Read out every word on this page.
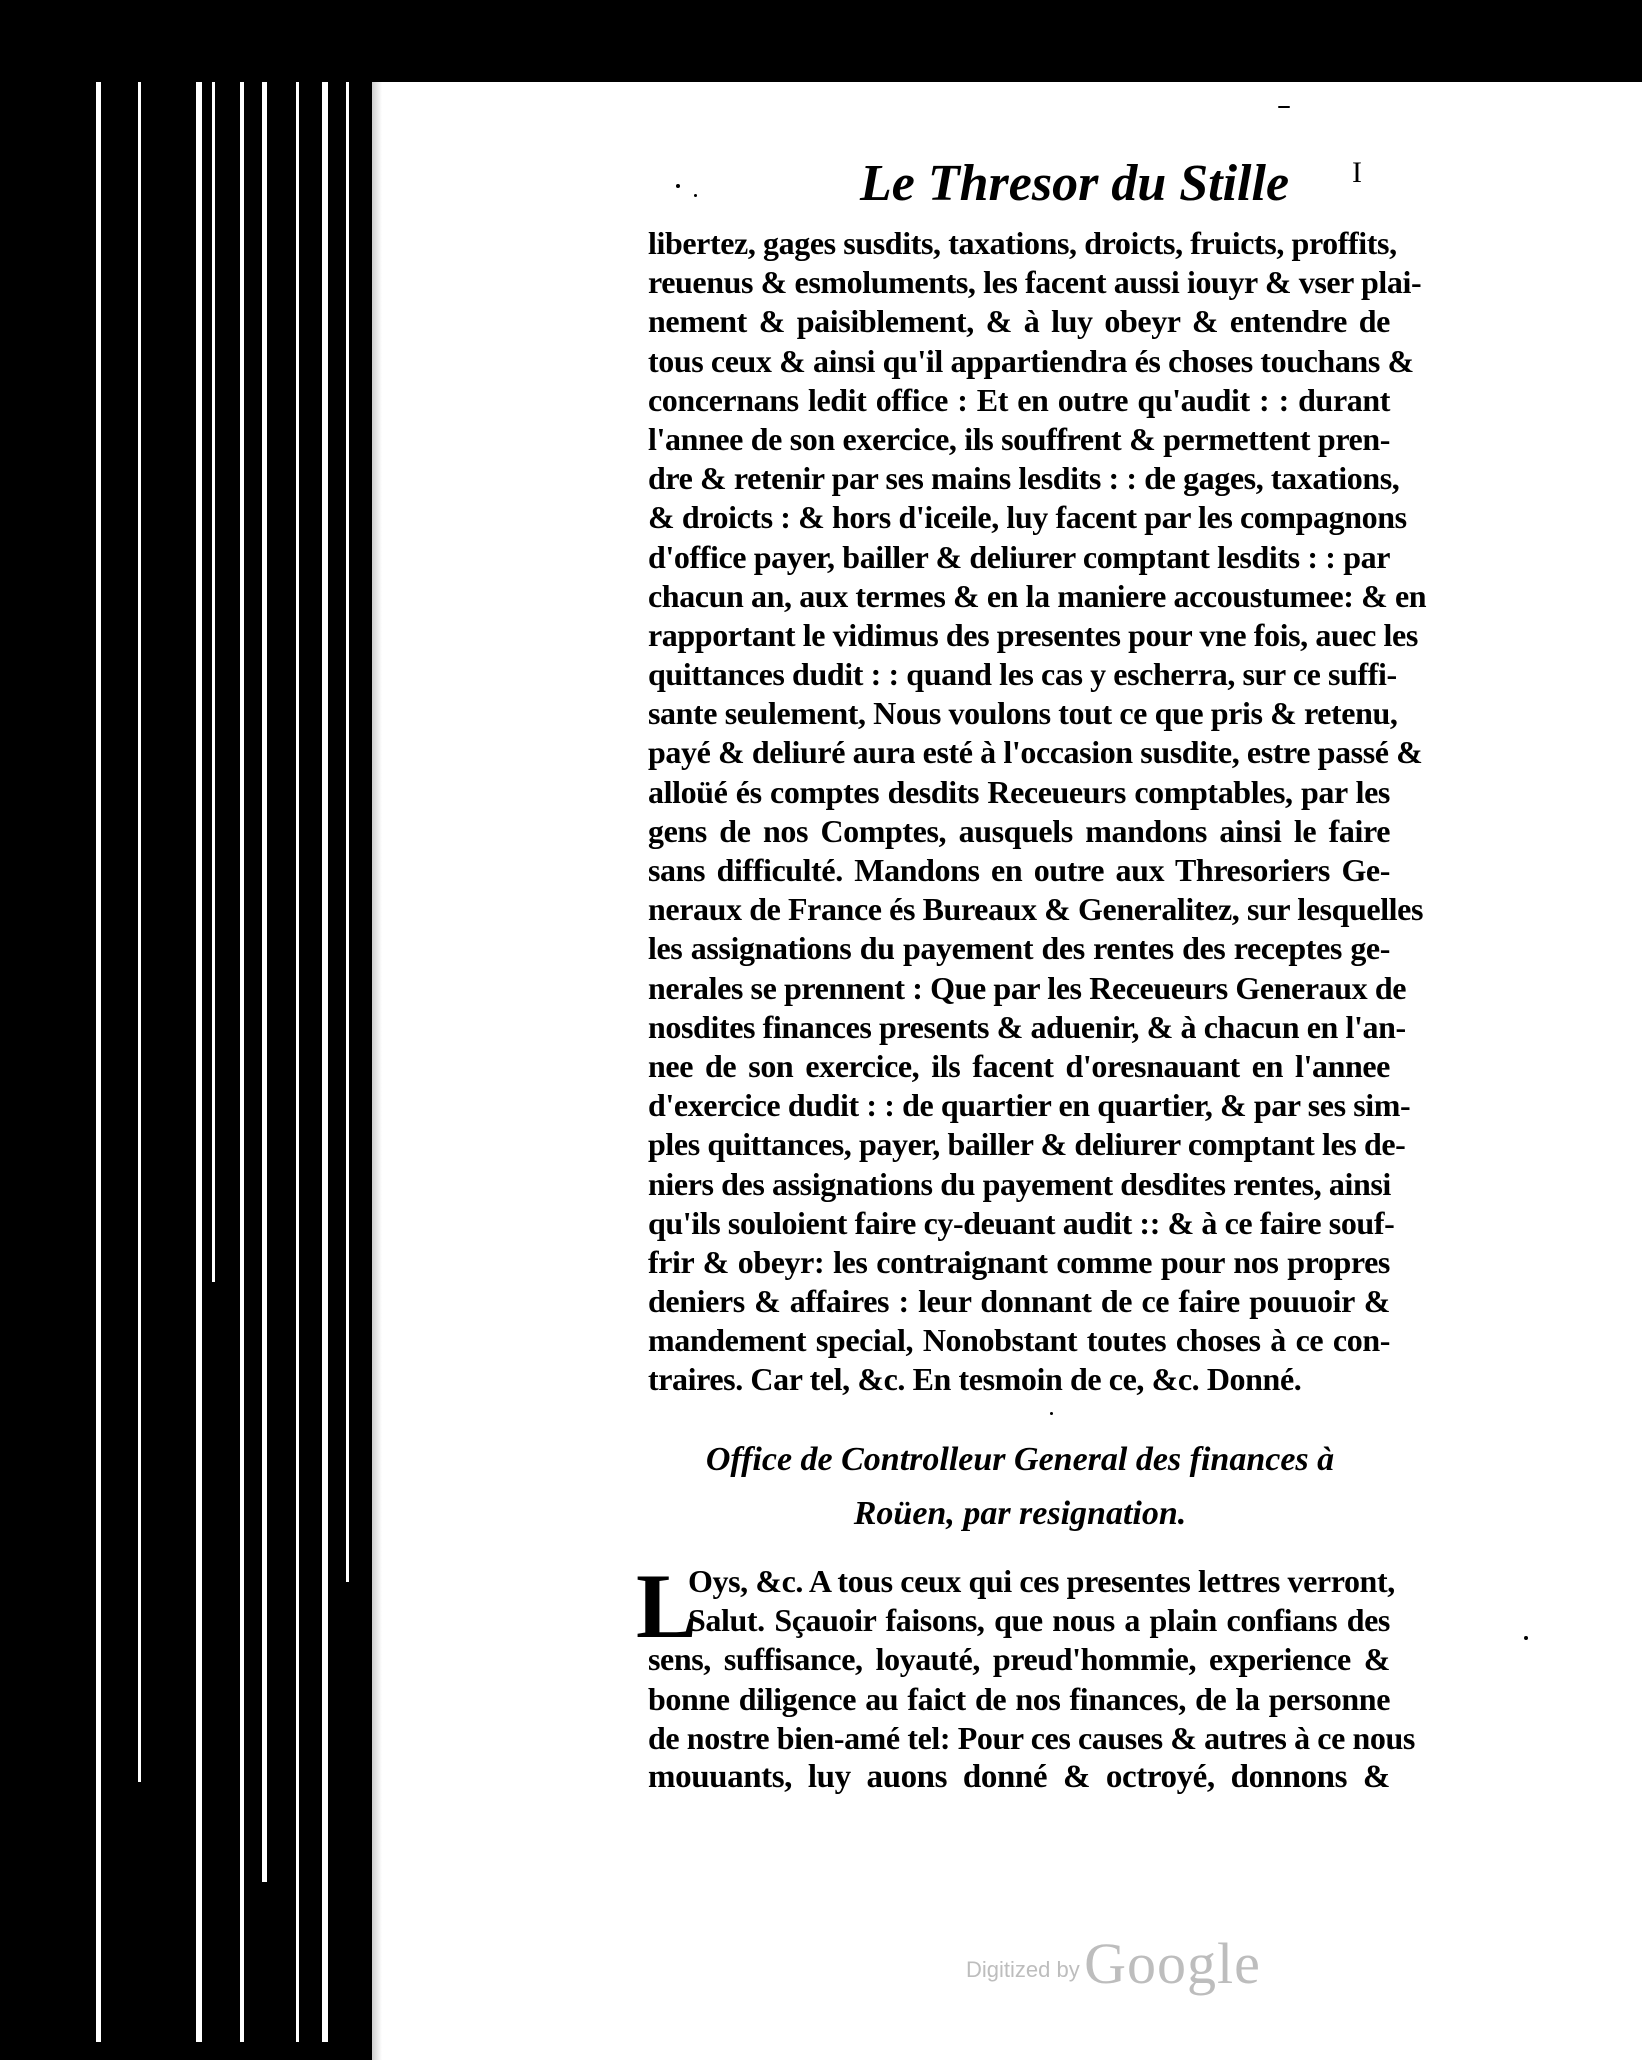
Le Thresor du Stille	I
libertez, gages susdits, taxations, droicts, fruicts, proffits,
reuenus & esmoluments, les facent aussi iouyr & vser plai-
nement & paisiblement, & à luy obeyr & entendre de
tous ceux & ainsi qu'il appartiendra és choses touchans &
concernans ledit office : Et en outre qu'audit : : durant
l'annee de son exercice, ils souffrent & permettent pren-
dre & retenir par ses mains lesdits : : de gages, taxations,
& droicts : & hors d'iceile, luy facent par les compagnons
d'office payer, bailler & deliurer comptant lesdits : : par
chacun an, aux termes & en la maniere accoustumee: & en
rapportant le vidimus des presentes pour vne fois, auec les
quittances dudit : : quand les cas y escherra, sur ce suffi-
sante seulement, Nous voulons tout ce que pris & retenu,
payé & deliuré aura esté à l'occasion susdite, estre passé &
alloüé és comptes desdits Receueurs comptables, par les
gens de nos Comptes, ausquels mandons ainsi le faire
sans difficulté. Mandons en outre aux Thresoriers Ge-
neraux de France és Bureaux & Generalitez, sur lesquelles
les assignations du payement des rentes des receptes ge-
nerales se prennent : Que par les Receueurs Generaux de
nosdites finances presents & aduenir, & à chacun en l'an-
nee de son exercice, ils facent d'oresnauant en l'annee
d'exercice dudit : : de quartier en quartier, & par ses sim-
ples quittances, payer, bailler & deliurer comptant les de-
niers des assignations du payement desdites rentes, ainsi
qu'ils souloient faire cy-deuant audit :: & à ce faire souf-
frir & obeyr: les contraignant comme pour nos propres
deniers & affaires : leur donnant de ce faire pouuoir &
mandement special, Nonobstant toutes choses à ce con-
traires. Car tel, &c. En tesmoin de ce, &c. Donné.
Office de Controlleur General des finances à
Roüen, par resignation.
L
Oys, &c. A tous ceux qui ces presentes lettres verront,
Salut. Sçauoir faisons, que nous a plain confians des
sens, suffisance, loyauté, preud'hommie, experience &
bonne diligence au faict de nos finances, de la personne
de nostre bien-amé tel: Pour ces causes & autres à ce nous
mouuants, luy auons donné & octroyé, donnons &
Digitized by Google
